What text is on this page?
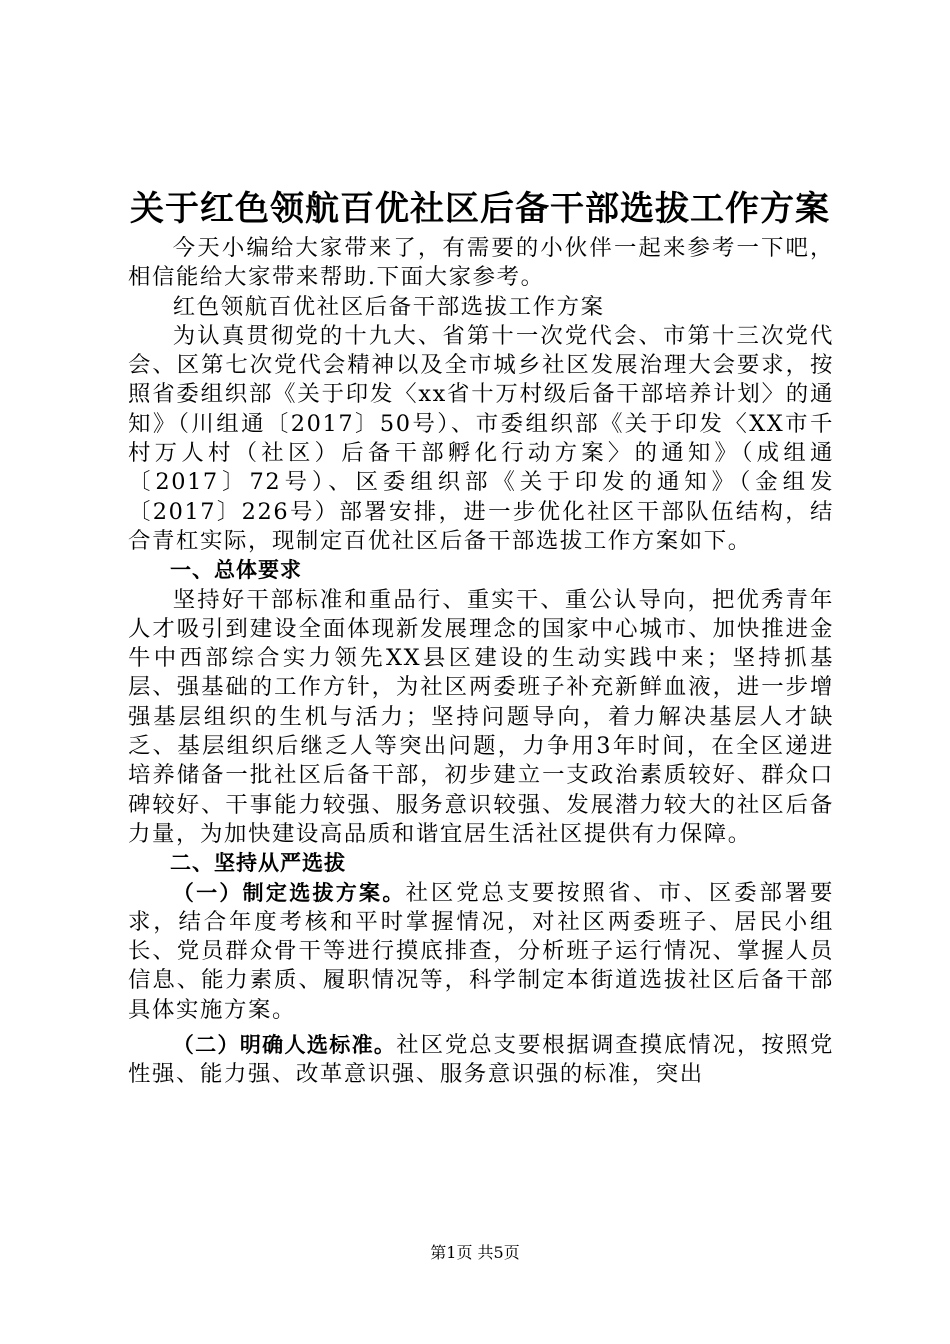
关于红色领航百优社区后备干部选拔工作方案

今天小编给大家带来了，有需要的小伙伴一起来参考一下吧，相信能给大家带来帮助.下面大家参考。

红色领航百优社区后备干部选拔工作方案

为认真贯彻党的十九大、省第十一次党代会、市第十三次党代会、区第七次党代会精神以及全市城乡社区发展治理大会要求，按照省委组织部《关于印发〈xx省十万村级后备干部培养计划〉的通知》（川组通〔2017〕50号）、市委组织部《关于印发〈XX市千村万人村（社区）后备干部孵化行动方案〉的通知》（成组通〔2017〕72号）、区委组织部《关于印发的通知》（金组发〔2017〕226号）部署安排，进一步优化社区干部队伍结构，结合青杠实际，现制定百优社区后备干部选拔工作方案如下。

一、总体要求

坚持好干部标准和重品行、重实干、重公认导向，把优秀青年人才吸引到建设全面体现新发展理念的国家中心城市、加快推进金牛中西部综合实力领先XX县区建设的生动实践中来；坚持抓基层、强基础的工作方针，为社区两委班子补充新鲜血液，进一步增强基层组织的生机与活力；坚持问题导向，着力解决基层人才缺乏、基层组织后继乏人等突出问题，力争用3年时间，在全区递进培养储备一批社区后备干部，初步建立一支政治素质较好、群众口碑较好、干事能力较强、服务意识较强、发展潜力较大的社区后备力量，为加快建设高品质和谐宜居生活社区提供有力保障。

二、坚持从严选拔

（一）制定选拔方案。社区党总支要按照省、市、区委部署要求，结合年度考核和平时掌握情况，对社区两委班子、居民小组长、党员群众骨干等进行摸底排查，分析班子运行情况、掌握人员信息、能力素质、履职情况等，科学制定本街道选拔社区后备干部具体实施方案。

（二）明确人选标准。社区党总支要根据调查摸底情况，按照党性强、能力强、改革意识强、服务意识强的标准，突出

第1页 共5页
